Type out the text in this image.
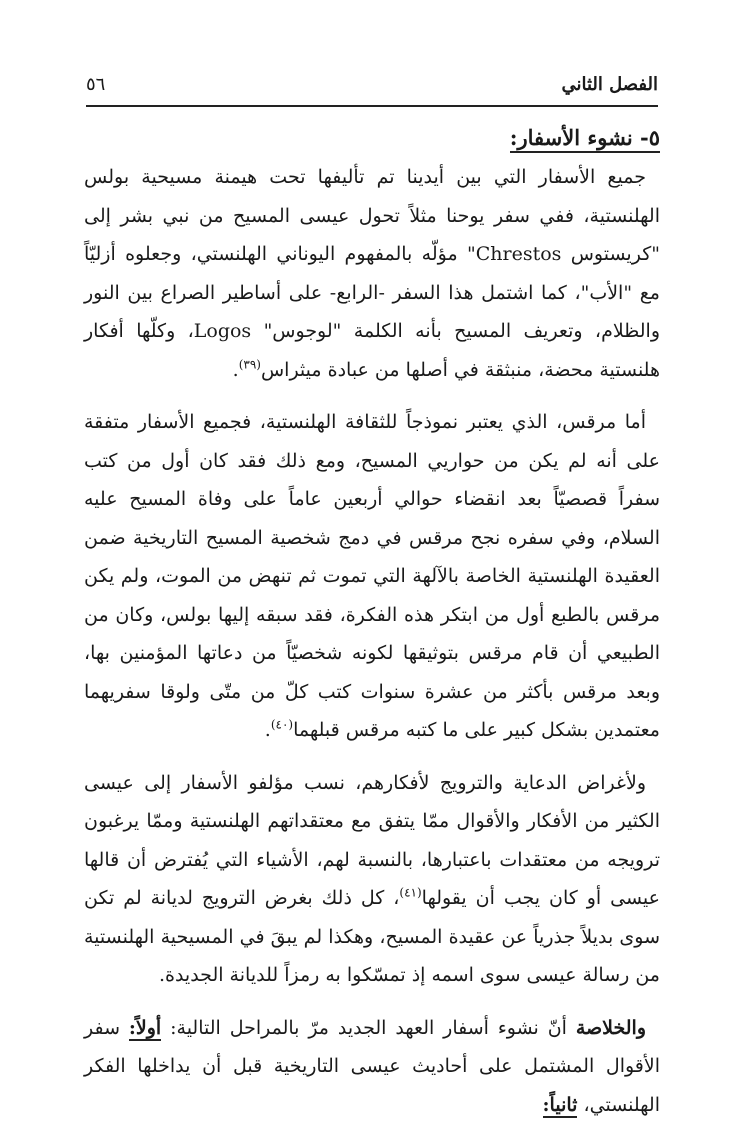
الفصل الثاني
٥٦
٥- نشوء الأسفار:

جميع الأسفار التي بين أيدينا تم تأليفها تحت هيمنة مسيحية بولس الهلنستية، ففي سفر يوحنا مثلاً تحول عيسى المسيح من نبي بشر إلى "كريستوس Chrestos" مؤلّه بالمفهوم اليوناني الهلنستي، وجعلوه أزليّاً مع "الأب"، كما اشتمل هذا السفر -الرابع- على أساطير الصراع بين النور والظلام، وتعريف المسيح بأنه الكلمة "لوجوس" Logos، وكلّها أفكار هلنستية محضة، منبثقة في أصلها من عبادة ميثراس$^{(٣٩)}$.

أما مرقس، الذي يعتبر نموذجاً للثقافة الهلنستية، فجميع الأسفار متفقة على أنه لم يكن من حواريي المسيح، ومع ذلك فقد كان أول من كتب سفراً قصصيّاً بعد انقضاء حوالي أربعين عاماً على وفاة المسيح عليه السلام، وفي سفره نجح مرقس في دمج شخصية المسيح التاريخية ضمن العقيدة الهلنستية الخاصة بالآلهة التي تموت ثم تنهض من الموت، ولم يكن مرقس بالطبع أول من ابتكر هذه الفكرة، فقد سبقه إليها بولس، وكان من الطبيعي أن قام مرقس بتوثيقها لكونه شخصيّاً من دعاتها المؤمنين بها، وبعد مرقس بأكثر من عشرة سنوات كتب كلّ من متّى ولوقا سفريهما معتمدين بشكل كبير على ما كتبه مرقس قبلهما$^{(٤٠)}$.

ولأغراض الدعاية والترويج لأفكارهم، نسب مؤلفو الأسفار إلى عيسى الكثير من الأفكار والأقوال ممّا يتفق مع معتقداتهم الهلنستية وممّا يرغبون ترويجه من معتقدات باعتبارها، بالنسبة لهم، الأشياء التي يُفترض أن قالها عيسى أو كان يجب أن يقولها$^{(٤١)}$، كل ذلك بغرض الترويج لديانة لم تكن سوى بديلاً جذرياً عن عقيدة المسيح، وهكذا لم يبقَ في المسيحية الهلنستية من رسالة عيسى سوى اسمه إذ تمسّكوا به رمزاً للديانة الجديدة.

والخلاصة أنّ نشوء أسفار العهد الجديد مرّ بالمراحل التالية: أولاً: سفر الأقوال المشتمل على أحاديث عيسى التاريخية قبل أن يداخلها الفكر الهلنستي، ثانياً:
